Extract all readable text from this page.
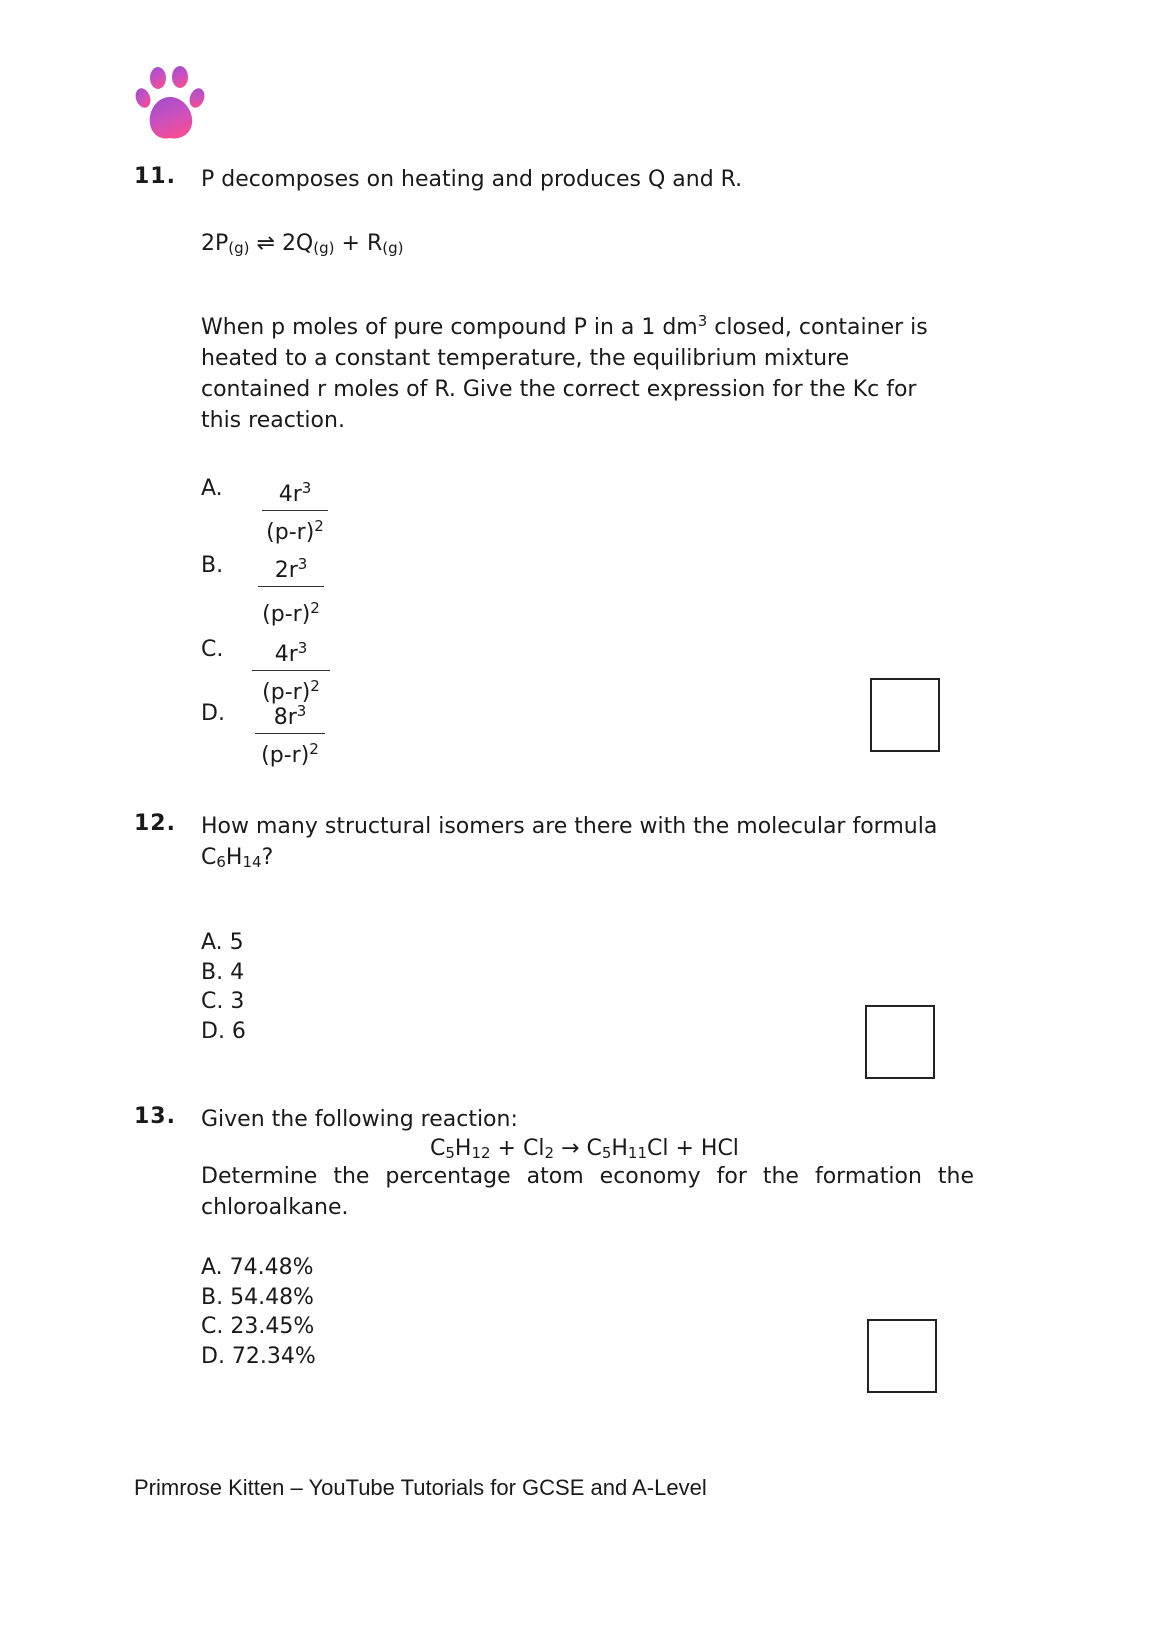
11. P decomposes on heating and produces Q and R.
$2P_{(g)}$ ⇌ $2Q_{(g)} + R_{(g)}$
When p moles of pure compound P in a 1 $dm^3$ closed, container is
heated to a constant temperature, the equilibrium mixture
contained r moles of R. Give the correct expression for the Kc for
this reaction.
A.	$4r^3$
$(p-r)^2$
B.	$2r^3$
$(p-r)^2$
C.	$4r^3$
$(p-r)^2$
D.	$8r^3$
$(p-r)^2$
12. How many structural isomers are there with the molecular formula
$C_6H_{14}$?
A. 5
B. 4
C. 3
D. 6
13. Given the following reaction:
$C_5H_{12} + Cl_2 \to C_5H_{11}Cl$ + HCl
Determine the percentage atom economy for the formation the
chloroalkane.
A. 74.48%
B. 54.48%
C. 23.45%
D. 72.34%
Primrose Kitten – YouTube Tutorials for GCSE and A-Level
